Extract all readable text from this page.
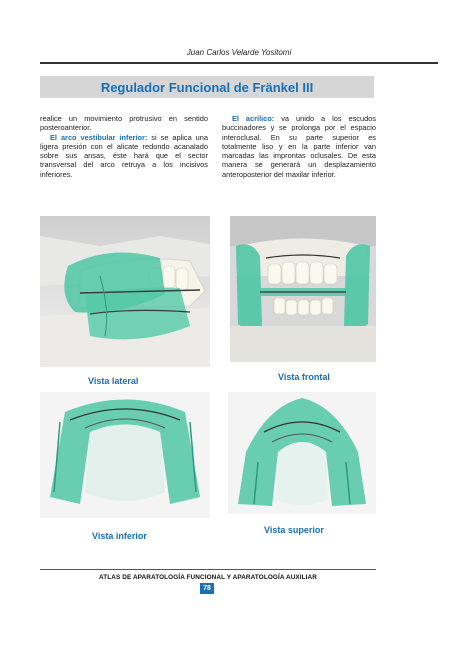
Juan Carlos Velarde Yositomi
Regulador Funcional de Fränkel III
realice un movimiento protrusivo en sentido posteroanterior.
El arco vestibular inferior: si se aplica una ligera presión con el alicate redondo acanalado sobre sus ansas, éste hará que el sector transversal del arco retruya a los incisivos inferiores.
El acrílico: va unido a los escudos buccinadores y se prolonga por el espacio interoclusal. En su parte superior es totalmente liso y en la parte inferior van marcadas las improntas oclusales. De esta manera se generará un desplazamiento anteroposterior del maxilar inferior.
Vista lateral	Vista frontal
Vista inferior
Vista superior
ATLAS DE APARATOLOGÍA FUNCIONAL Y APARATOLOGÍA AUXILIAR
78
